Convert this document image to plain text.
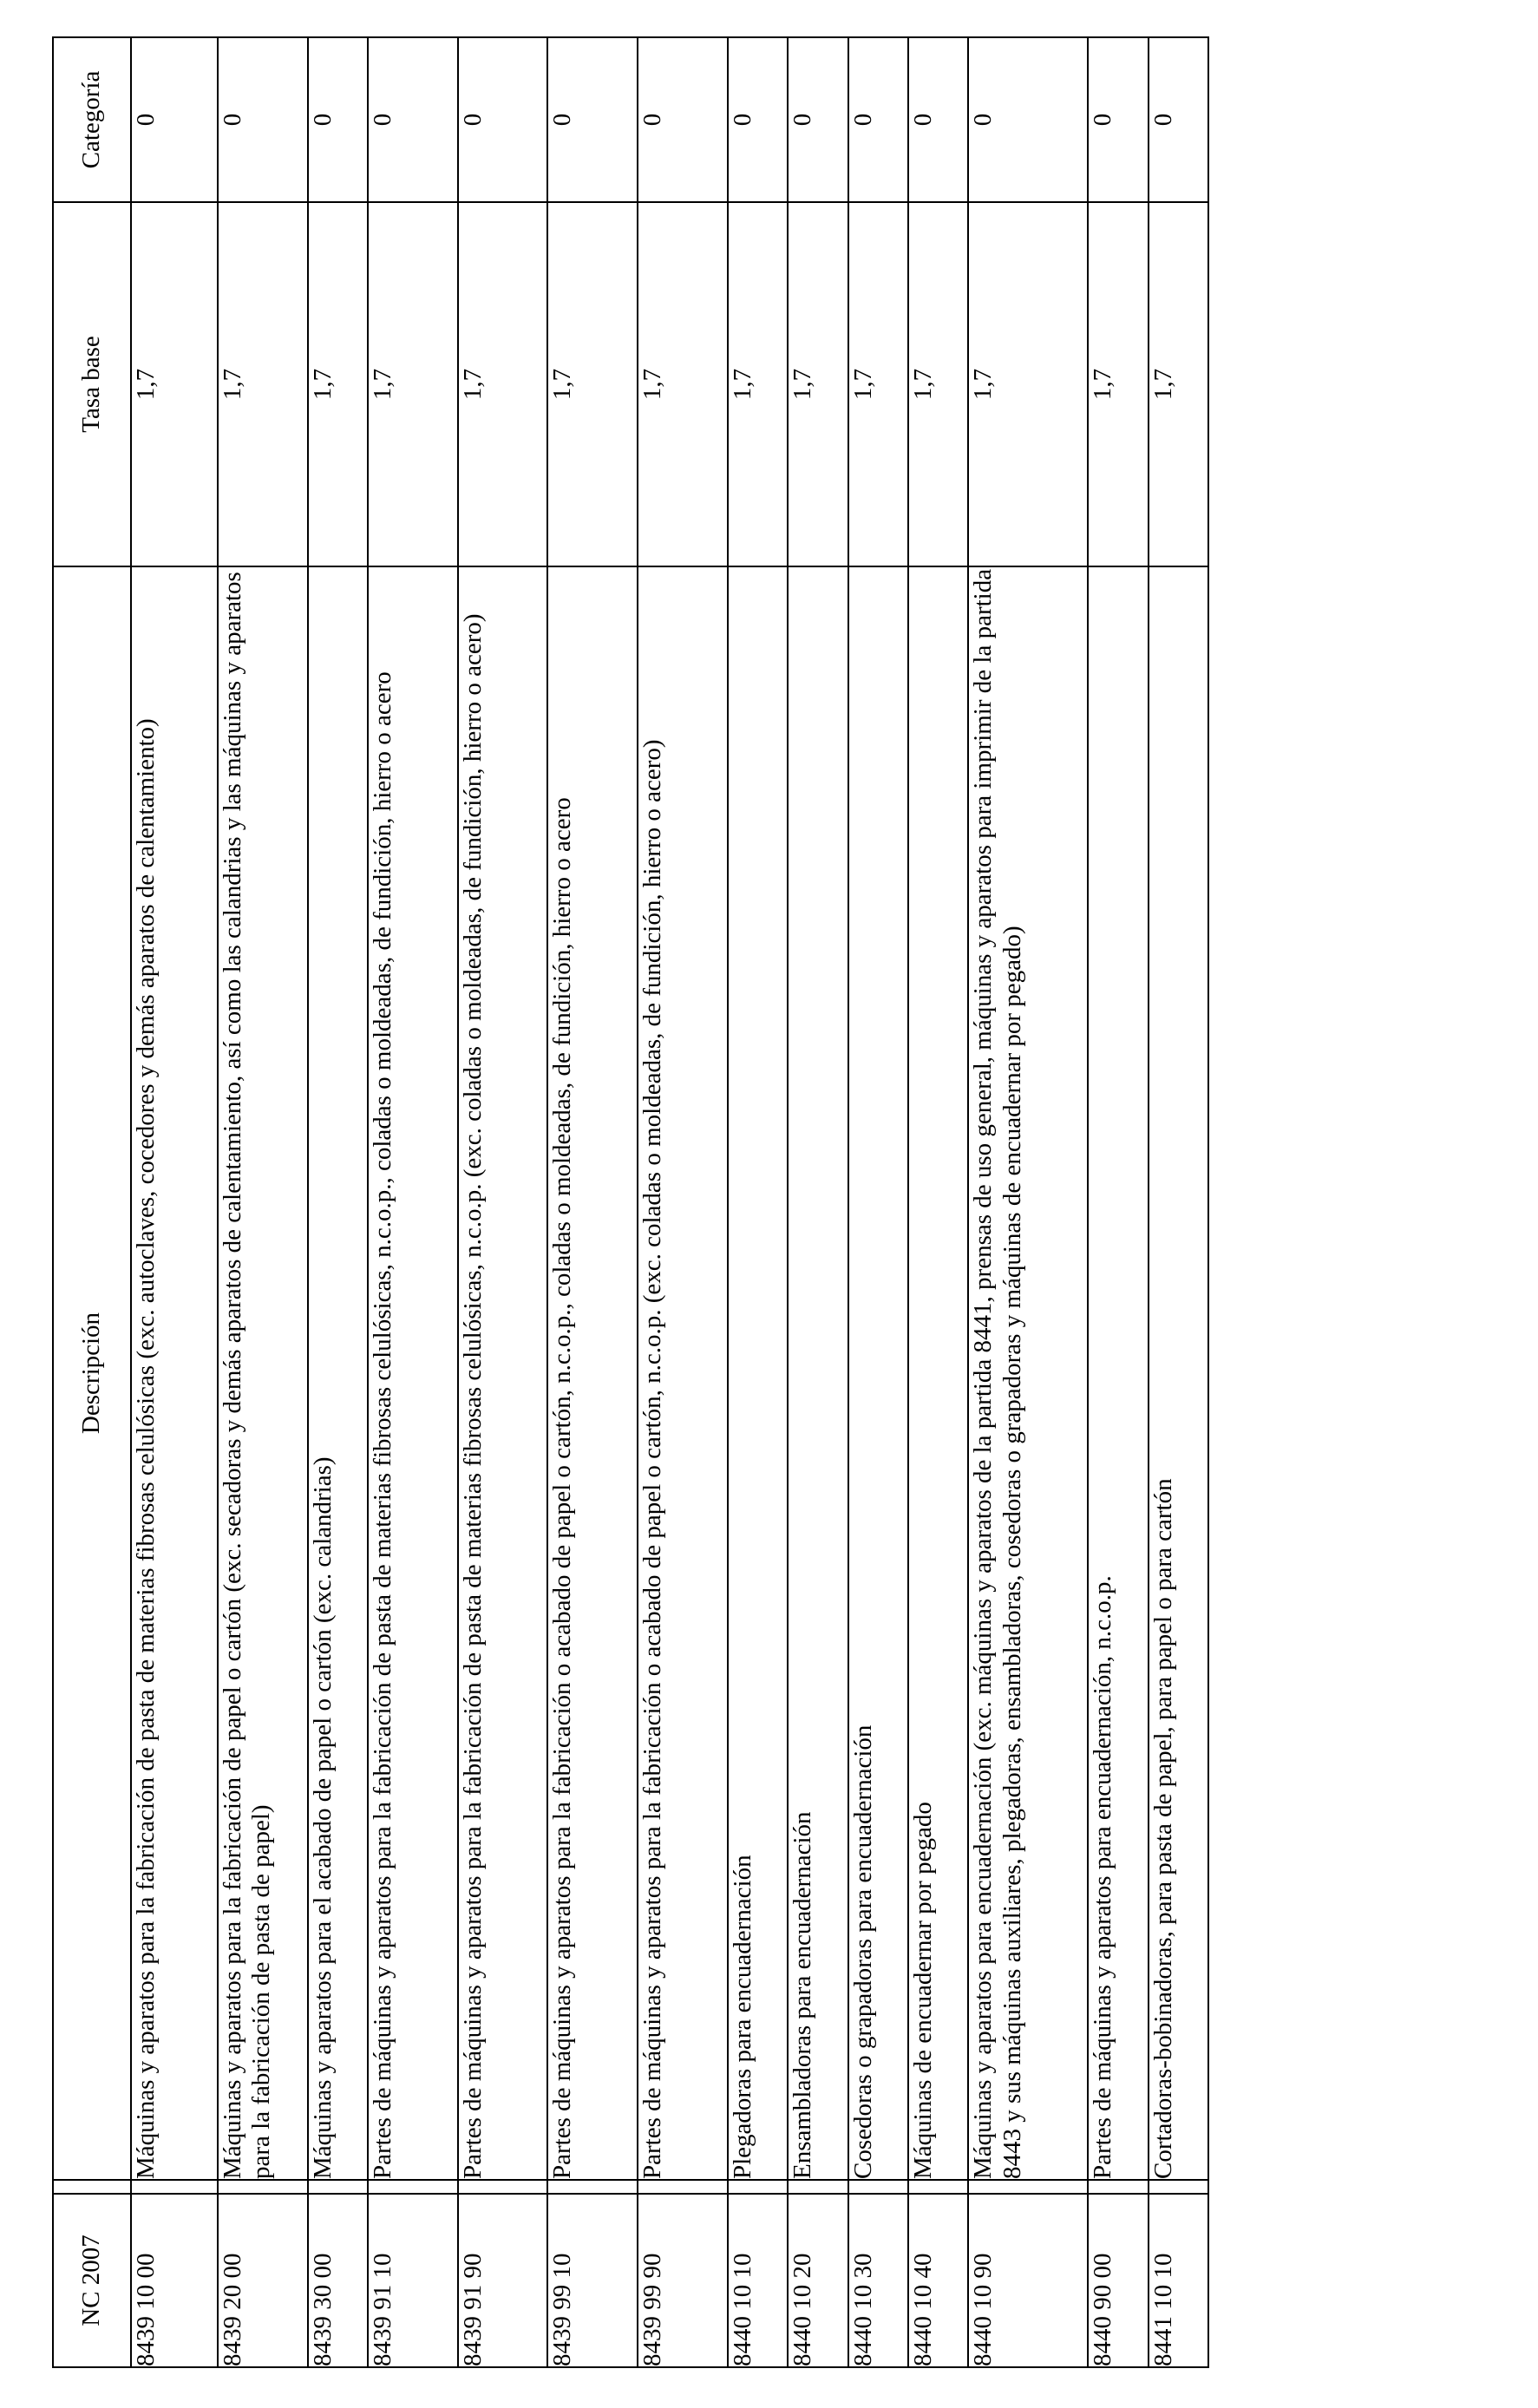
NC 2007		Descripción	Tasa base	Categoría
8439 10 00		Máquinas y aparatos para la fabricación de pasta de materias fibrosas celulósicas (exc. autoclaves, cocedores y demás aparatos de calentamiento)	1,7	0
8439 20 00		Máquinas y aparatos para la fabricación de papel o cartón (exc. secadoras y demás aparatos de calentamiento, así como las calandrias y las máquinas y aparatos para la fabricación de pasta de papel)	1,7	0
8439 30 00		Máquinas y aparatos para el acabado de papel o cartón (exc. calandrias)	1,7	0
8439 91 10		Partes de máquinas y aparatos para la fabricación de pasta de materias fibrosas celulósicas, n.c.o.p., coladas o moldeadas, de fundición, hierro o acero	1,7	0
8439 91 90		Partes de máquinas y aparatos para la fabricación de pasta de materias fibrosas celulósicas, n.c.o.p. (exc. coladas o moldeadas, de fundición, hierro o acero)	1,7	0
8439 99 10		Partes de máquinas y aparatos para la fabricación o acabado de papel o cartón, n.c.o.p., coladas o moldeadas, de fundición, hierro o acero	1,7	0
8439 99 90		Partes de máquinas y aparatos para la fabricación o acabado de papel o cartón, n.c.o.p. (exc. coladas o moldeadas, de fundición, hierro o acero)	1,7	0
8440 10 10		Plegadoras para encuadernación	1,7	0
8440 10 20		Ensambladoras para encuadernación	1,7	0
8440 10 30		Cosedoras o grapadoras para encuadernación	1,7	0
8440 10 40		Máquinas de encuadernar por pegado	1,7	0
8440 10 90		Máquinas y aparatos para encuadernación (exc. máquinas y aparatos de la partida 8441, prensas de uso general, máquinas y aparatos para imprimir de la partida 8443 y sus máquinas auxiliares, plegadoras, ensambladoras, cosedoras o grapadoras y máquinas de encuadernar por pegado)	1,7	0
8440 90 00		Partes de máquinas y aparatos para encuadernación, n.c.o.p.	1,7	0
8441 10 10		Cortadoras-bobinadoras, para pasta de papel, para papel o para cartón	1,7	0
